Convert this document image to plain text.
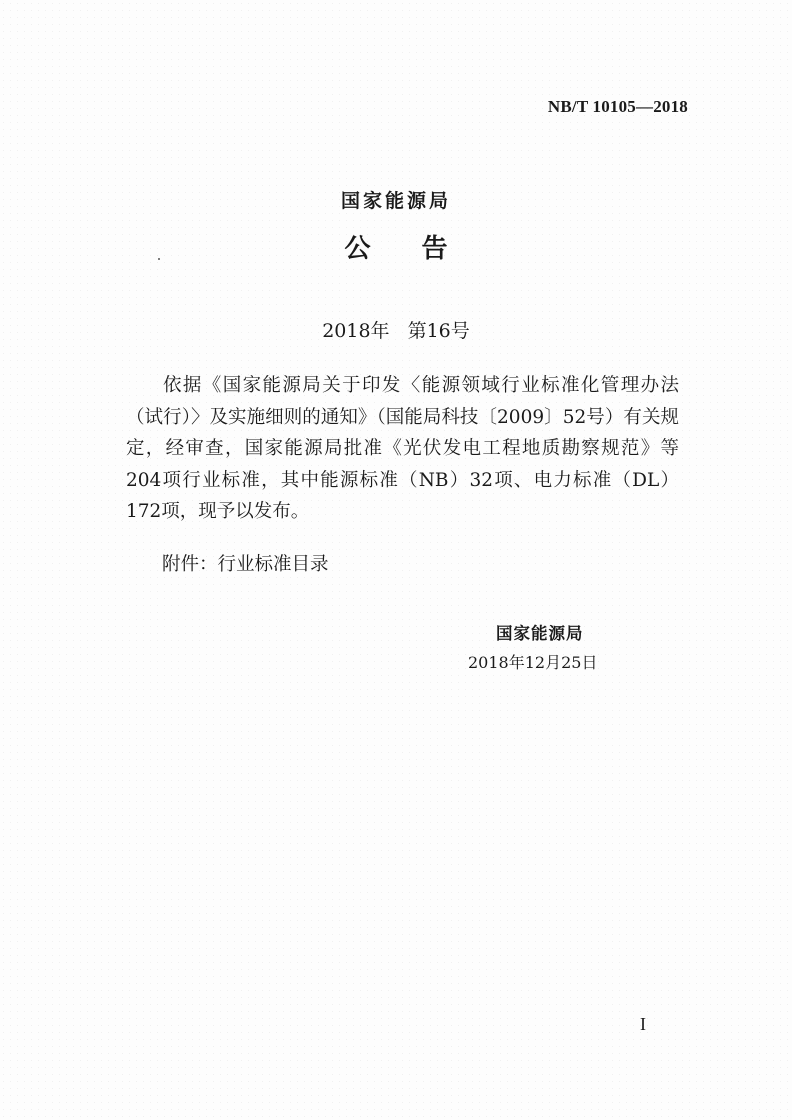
NB/T 10105—2018
国家能源局
公 告
2018年 第16号
依据《国家能源局关于印发〈能源领域行业标准化管理办法（试行）〉及实施细则的通知》（国能局科技〔2009〕52号）有关规定，经审查，国家能源局批准《光伏发电工程地质勘察规范》等204项行业标准，其中能源标准（NB）32项、电力标准（DL）172项，现予以发布。
附件：行业标准目录
国家能源局
2018年12月25日
I
